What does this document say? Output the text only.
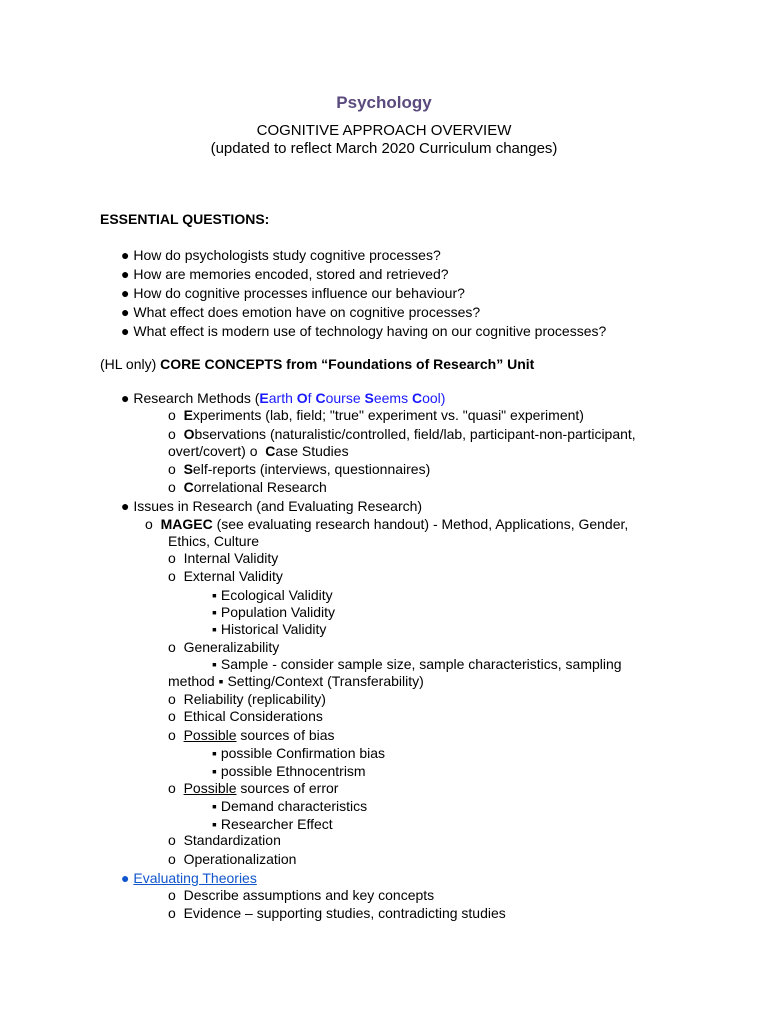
Psychology
COGNITIVE APPROACH OVERVIEW
(updated to reflect March 2020 Curriculum changes)
ESSENTIAL QUESTIONS:
● How do psychologists study cognitive processes?
● How are memories encoded, stored and retrieved?
● How do cognitive processes influence our behaviour?
● What effect does emotion have on cognitive processes?
● What effect is modern use of technology having on our cognitive processes?
(HL only) CORE CONCEPTS from “Foundations of Research” Unit
● Research Methods (Earth Of Course Seems Cool)
o Experiments (lab, field; "true" experiment vs. "quasi" experiment)
o Observations (naturalistic/controlled, field/lab, participant-non-participant,
overt/covert) o Case Studies
o Self-reports (interviews, questionnaires)
o Correlational Research
● Issues in Research (and Evaluating Research)
o MAGEC (see evaluating research handout) - Method, Applications, Gender,
Ethics, Culture
o Internal Validity
o External Validity
▪ Ecological Validity
▪ Population Validity
▪ Historical Validity
o Generalizability
▪ Sample - consider sample size, sample characteristics, sampling
method ▪ Setting/Context (Transferability)
o Reliability (replicability)
o Ethical Considerations
o Possible sources of bias
▪ possible Confirmation bias
▪ possible Ethnocentrism
o Possible sources of error
▪ Demand characteristics
▪ Researcher Effect
o Standardization
o Operationalization
● Evaluating Theories
o Describe assumptions and key concepts
o Evidence – supporting studies, contradicting studies
